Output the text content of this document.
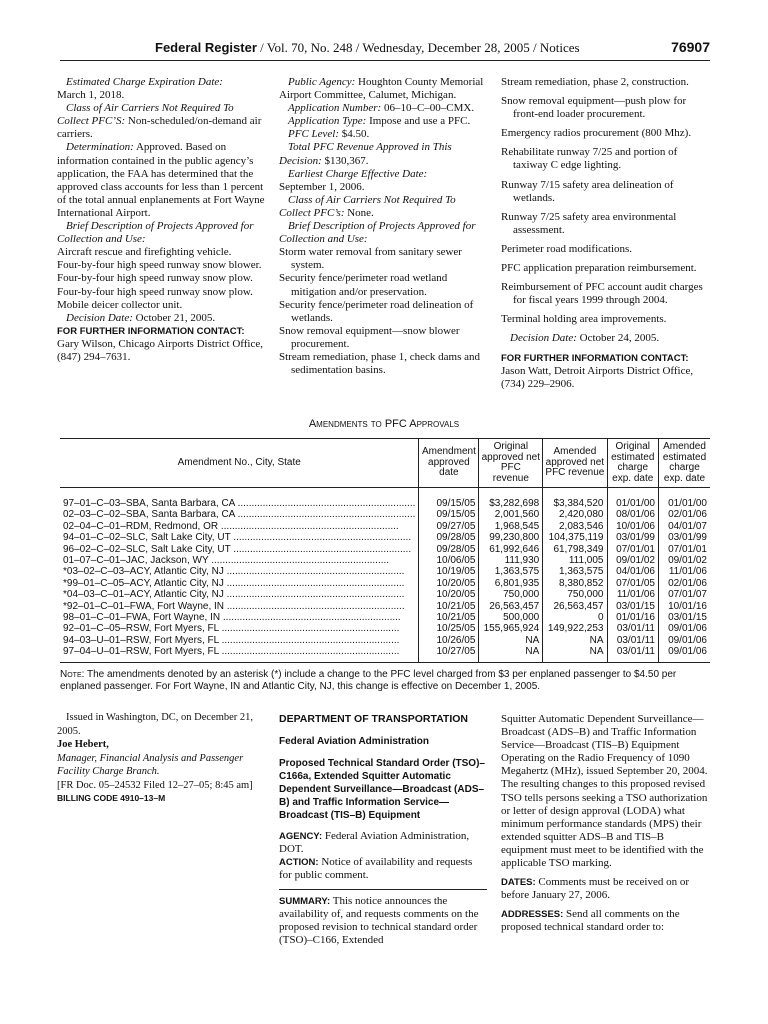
Federal Register / Vol. 70, No. 248 / Wednesday, December 28, 2005 / Notices	76907

Estimated Charge Expiration Date:

March 1, 2018.

Class of Air Carriers Not Required To Collect PFC’S: Non-scheduled/on-demand air carriers.

Determination: Approved. Based on information contained in the public agency’s application, the FAA has determined that the approved class accounts for less than 1 percent of the total annual enplanements at Fort Wayne International Airport.

Brief Description of Projects Approved for Collection and Use:

Aircraft rescue and firefighting vehicle.

Four-by-four high speed runway snow blower.

Four-by-four high speed runway snow plow.

Four-by-four high speed runway snow plow.

Mobile deicer collector unit.

Decision Date: October 21, 2005.

FOR FURTHER INFORMATION CONTACT: Gary Wilson, Chicago Airports District Office, (847) 294–7631.

Public Agency: Houghton County Memorial Airport Committee, Calumet, Michigan.

Application Number: 06–10–C–00–CMX.

Application Type: Impose and use a PFC.

PFC Level: $4.50.

Total PFC Revenue Approved in This Decision: $130,367.

Earliest Charge Effective Date:

September 1, 2006.

Class of Air Carriers Not Required To Collect PFC’s: None.

Brief Description of Projects Approved for Collection and Use:

Storm water removal from sanitary sewer system.

Security fence/perimeter road wetland mitigation and/or preservation.

Security fence/perimeter road delineation of wetlands.

Snow removal equipment—snow blower procurement.

Stream remediation, phase 1, check dams and sedimentation basins.

Stream remediation, phase 2, construction.

Snow removal equipment—push plow for front-end loader procurement.

Emergency radios procurement (800 Mhz).

Rehabilitate runway 7/25 and portion of taxiway C edge lighting.

Runway 7/15 safety area delineation of wetlands.

Runway 7/25 safety area environmental assessment.

Perimeter road modifications.

PFC application preparation reimbursement.

Reimbursement of PFC account audit charges for fiscal years 1999 through 2004.

Terminal holding area improvements.

Decision Date: October 24, 2005.

FOR FURTHER INFORMATION CONTACT:

Jason Watt, Detroit Airports District Office, (734) 229–2906.

Amendments to PFC Approvals
Amendment No., City, State	Amendment approved date	Original approved net PFC revenue	Amended approved net PFC revenue	Original estimated charge exp. date	Amended estimated charge exp. date
97–01–C–03–SBA, Santa Barbara, CA .....	09/15/05	$3,282,698	$3,384,520	01/01/00	01/01/00
02–03–C–02–SBA, Santa Barbara, CA .....	09/15/05	2,001,560	2,420,080	08/01/06	02/01/06
02–04–C–01–RDM, Redmond, OR .....	09/27/05	1,968,545	2,083,546	10/01/06	04/01/07
94–01–C–02–SLC, Salt Lake City, UT .....	09/28/05	99,230,800	104,375,119	03/01/99	03/01/99
96–02–C–02–SLC, Salt Lake City, UT .....	09/28/05	61,992,646	61,798,349	07/01/01	07/01/01
01–07–C–01–JAC, Jackson, WY .....	10/06/05	111,930	111,005	09/01/02	09/01/02
*03–02–C–03–ACY, Atlantic City, NJ .....	10/19/05	1,363,575	1,363,575	04/01/06	11/01/06
*99–01–C–05–ACY, Atlantic City, NJ .....	10/20/05	6,801,935	8,380,852	07/01/05	02/01/06
*04–03–C–01–ACY, Atlantic City, NJ .....	10/20/05	750,000	750,000	11/01/06	07/01/07
*92–01–C–01–FWA, Fort Wayne, IN .....	10/21/05	26,563,457	26,563,457	03/01/15	10/01/16
98–01–C–01–FWA, Fort Wayne, IN .....	10/21/05	500,000	0	01/01/16	03/01/15
92–01–C–05–RSW, Fort Myers, FL .....	10/25/05	155,965,924	149,922,253	03/01/11	09/01/06
94–03–U–01–RSW, Fort Myers, FL .....	10/26/05	NA	NA	03/01/11	09/01/06
97–04–U–01–RSW, Fort Myers, FL .....	10/27/05	NA	NA	03/01/11	09/01/06
Note: The amendments denoted by an asterisk (*) include a change to the PFC level charged from $3 per enplaned passenger to $4.50 per enplaned passenger. For Fort Wayne, IN and Atlantic City, NJ, this change is effective on December 1, 2005.

Issued in Washington, DC, on December 21, 2005.

Joe Hebert,

Manager, Financial Analysis and Passenger Facility Charge Branch.

[FR Doc. 05–24532 Filed 12–27–05; 8:45 am]

BILLING CODE 4910–13–M

DEPARTMENT OF TRANSPORTATION

Federal Aviation Administration

Proposed Technical Standard Order (TSO)–C166a, Extended Squitter Automatic Dependent Surveillance—Broadcast (ADS–B) and Traffic Information Service—Broadcast (TIS–B) Equipment

AGENCY: Federal Aviation Administration, DOT.

ACTION: Notice of availability and requests for public comment.

SUMMARY: This notice announces the availability of, and requests comments on the proposed revision to technical standard order (TSO)–C166, Extended

Squitter Automatic Dependent Surveillance—Broadcast (ADS–B) and Traffic Information Service—Broadcast (TIS–B) Equipment Operating on the Radio Frequency of 1090 Megahertz (MHz), issued September 20, 2004. The resulting changes to this proposed revised TSO tells persons seeking a TSO authorization or letter of design approval (LODA) what minimum performance standards (MPS) their extended squitter ADS–B and TIS–B equipment must meet to be identified with the applicable TSO marking.

DATES: Comments must be received on or before January 27, 2006.

ADDRESSES: Send all comments on the proposed technical standard order to:
